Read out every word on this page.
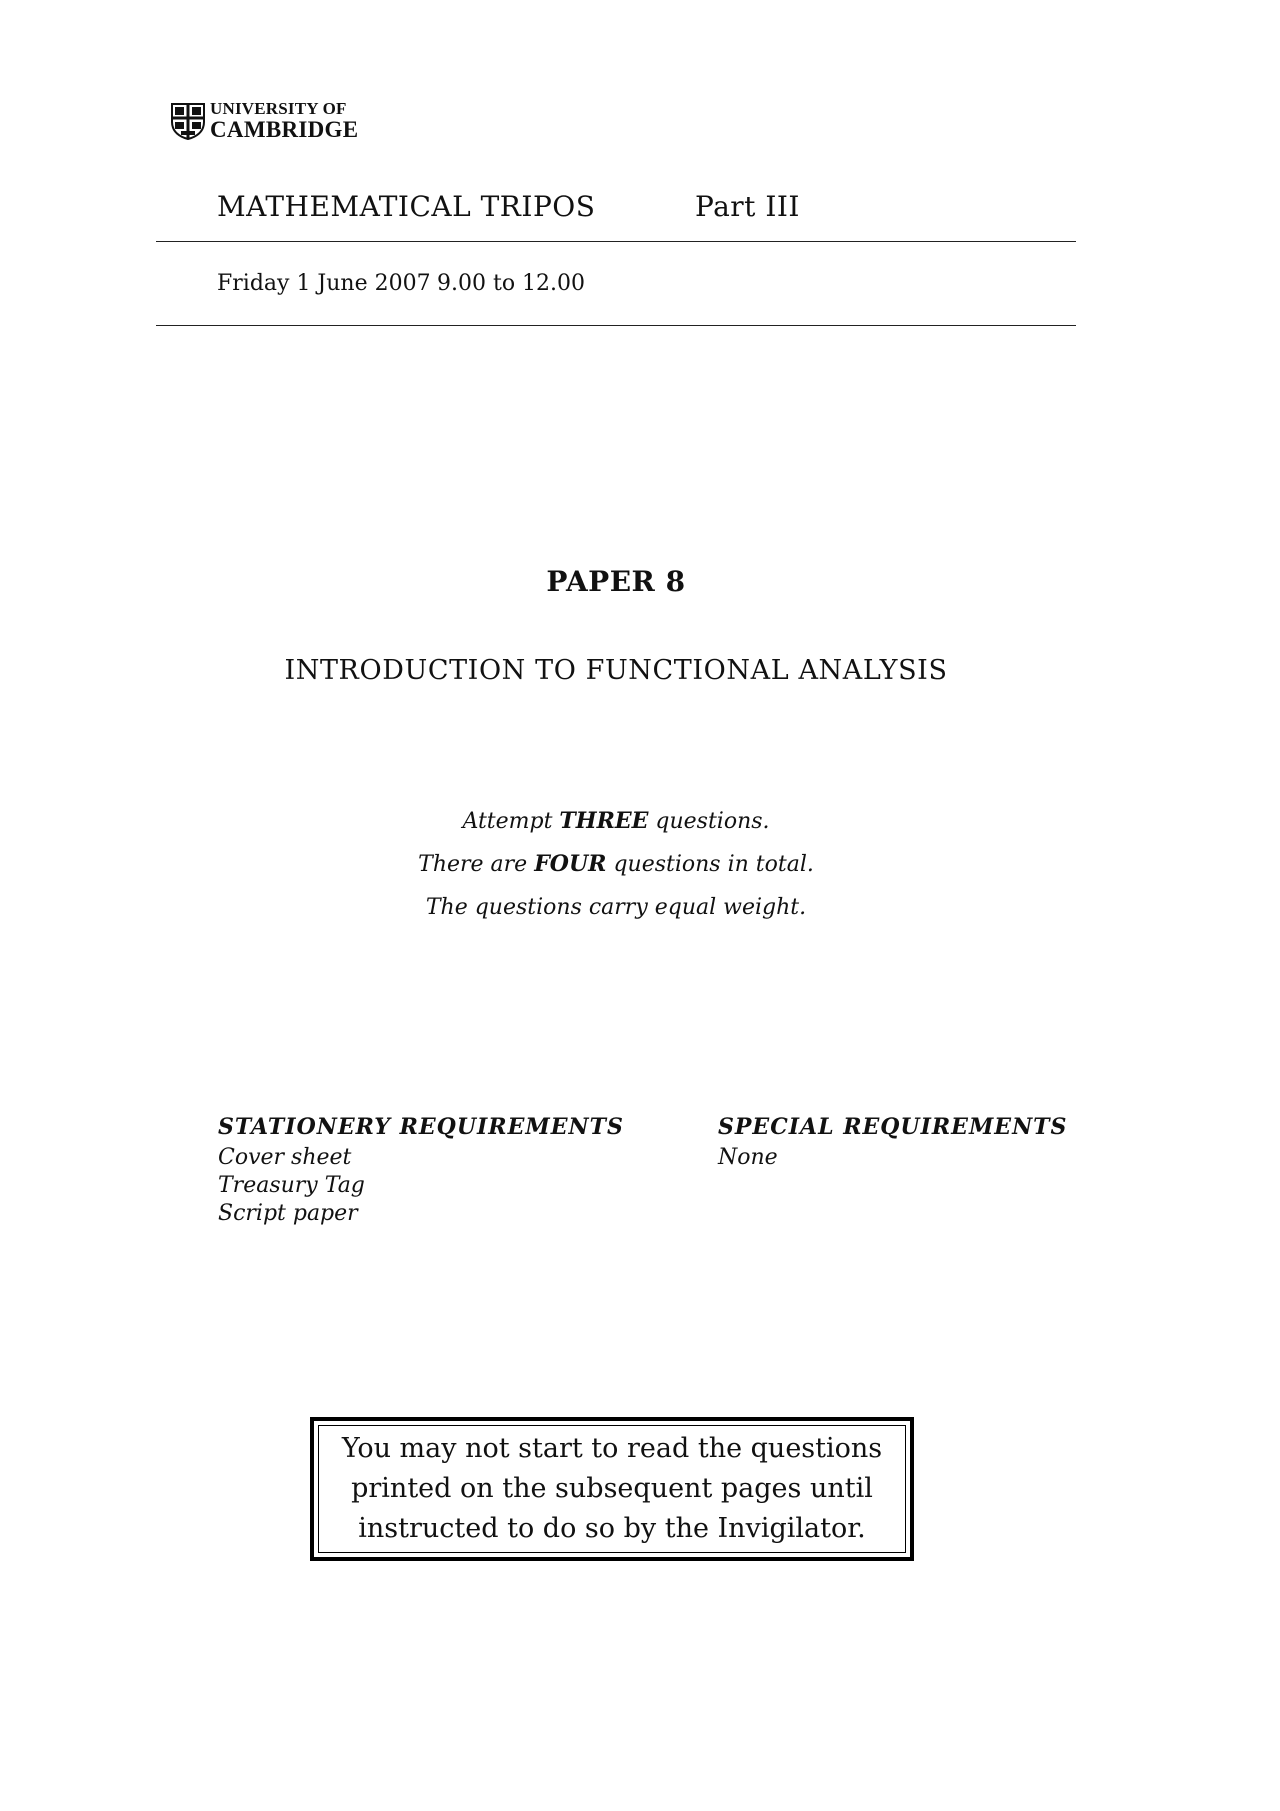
UNIVERSITY OF
CAMBRIDGE
MATHEMATICAL TRIPOS	Part III
Friday 1 June 2007 9.00 to 12.00
PAPER 8
INTRODUCTION TO FUNCTIONAL ANALYSIS
Attempt THREE questions.
There are FOUR questions in total.
The questions carry equal weight.
STATIONERY REQUIREMENTS
Cover sheet
Treasury Tag
Script paper
SPECIAL REQUIREMENTS
None
You may not start to read the questions
printed on the subsequent pages until
instructed to do so by the Invigilator.
